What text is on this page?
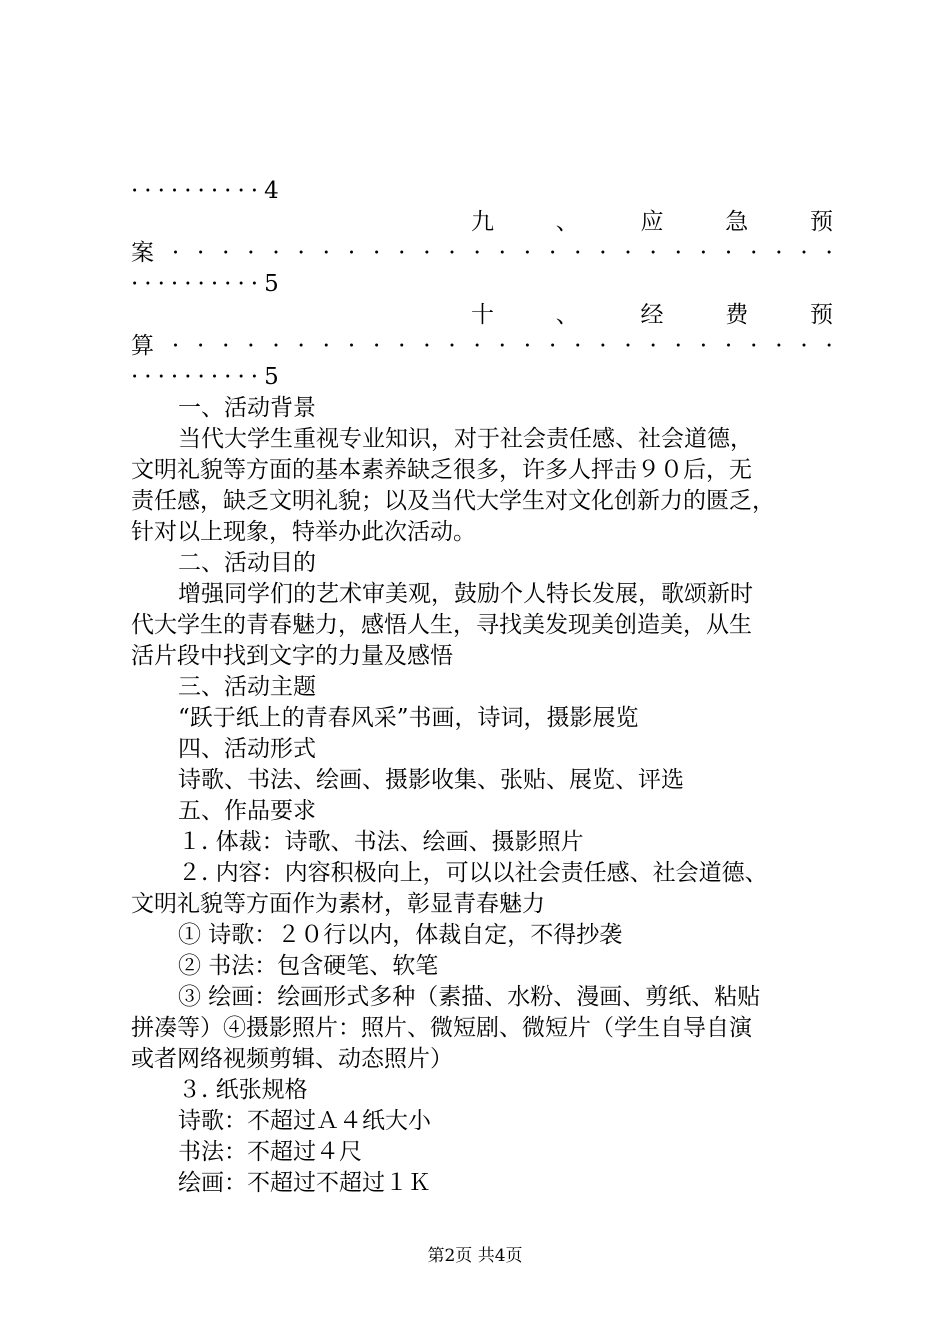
··········4
九	、	应	急	预
案 · · · · · · · · · · · · · · · · · · · · · · · · · · ·
··········5
十	、	经	费	预
算 · · · · · · · · · · · · · · · · · · · · · · · · · · ·
··········5
一、活动背景
当代大学生重视专业知识，对于社会责任感、社会道德，
文明礼貌等方面的基本素养缺乏很多，许多人抨击９０后，无
责任感，缺乏文明礼貌；以及当代大学生对文化创新力的匮乏，
针对以上现象，特举办此次活动。
二、活动目的
增强同学们的艺术审美观，鼓励个人特长发展，歌颂新时
代大学生的青春魅力，感悟人生，寻找美发现美创造美，从生
活片段中找到文字的力量及感悟
三、活动主题
“跃于纸上的青春风采”书画，诗词，摄影展览
四、活动形式
诗歌、书法、绘画、摄影收集、张贴、展览、评选
五、作品要求
１. 体裁：诗歌、书法、绘画、摄影照片
２. 内容：内容积极向上，可以以社会责任感、社会道德、
文明礼貌等方面作为素材，彰显青春魅力
① 诗歌：２０行以内，体裁自定，不得抄袭
② 书法：包含硬笔、软笔
③ 绘画：绘画形式多种（素描、水粉、漫画、剪纸、粘贴
拼凑等）④摄影照片：照片、微短剧、微短片（学生自导自演
或者网络视频剪辑、动态照片）
３. 纸张规格
诗歌：不超过Ａ４纸大小
书法：不超过４尺
绘画：不超过不超过１Ｋ
第2页 共4页
